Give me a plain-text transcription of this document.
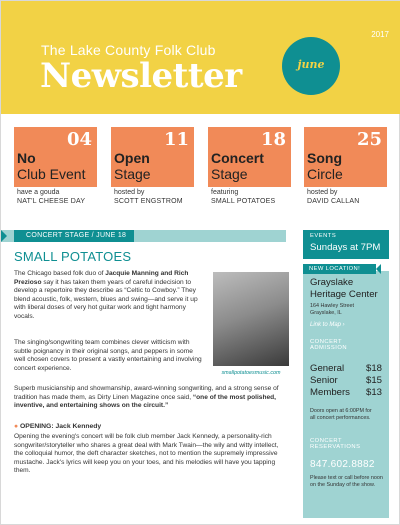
2017
The Lake County Folk Club
Newsletter	june
04
No
Club Event
have a gouda
NAT'L CHEESE DAY
11
Open
Stage
hosted by
SCOTT ENGSTROM
18
Concert
Stage
featuring
SMALL POTATOES
25
Song
Circle
hosted by
DAVID CALLAN
CONCERT STAGE / JUNE 18
SMALL POTATOES
The Chicago based folk duo of Jacquie Manning and Rich Prezioso say it has taken them years of careful indecision to develop a repertoire they describe as “Celtic to Cowboy.” They blend acoustic, folk, western, blues and swing—and serve it up with liberal doses of very hot guitar work and tight harmony vocals.
smallpotatoesmusic.com
The singing/songwriting team combines clever witticism with subtle poignancy in their original songs, and peppers in some well chosen covers to present a vastly entertaining and involving concert experience.
Superb musicianship and showmanship, award-winning songwriting, and a strong sense of tradition has made them, as Dirty Linen Magazine once said, “one of the most polished, inventive, and entertaining shows on the circuit.”
● OPENING: Jack Kennedy
Opening the evening's concert will be folk club member Jack Kennedy, a personality-rich songwriter/storyteller who shares a great deal with Mark Twain—the wily and witty intellect, the colloquial humor, the deft character sketches, not to mention the supremely impressive mustache. Jack's lyrics will keep you on your toes, and his melodies will have you tapping them.
EVENTS
Sundays at 7PM
NEW LOCATION!
Grayslake
Heritage Center
164 Hawley Street
Grayslake, IL
Link to Map ›
CONCERT
ADMISSION
General $18
Senior	$15
Members $13
Doors open at 6:00PM for
all concert performances.
CONCERT
RESERVATIONS
847.602.8882
Please text or call before noon
on the Sunday of the show.
